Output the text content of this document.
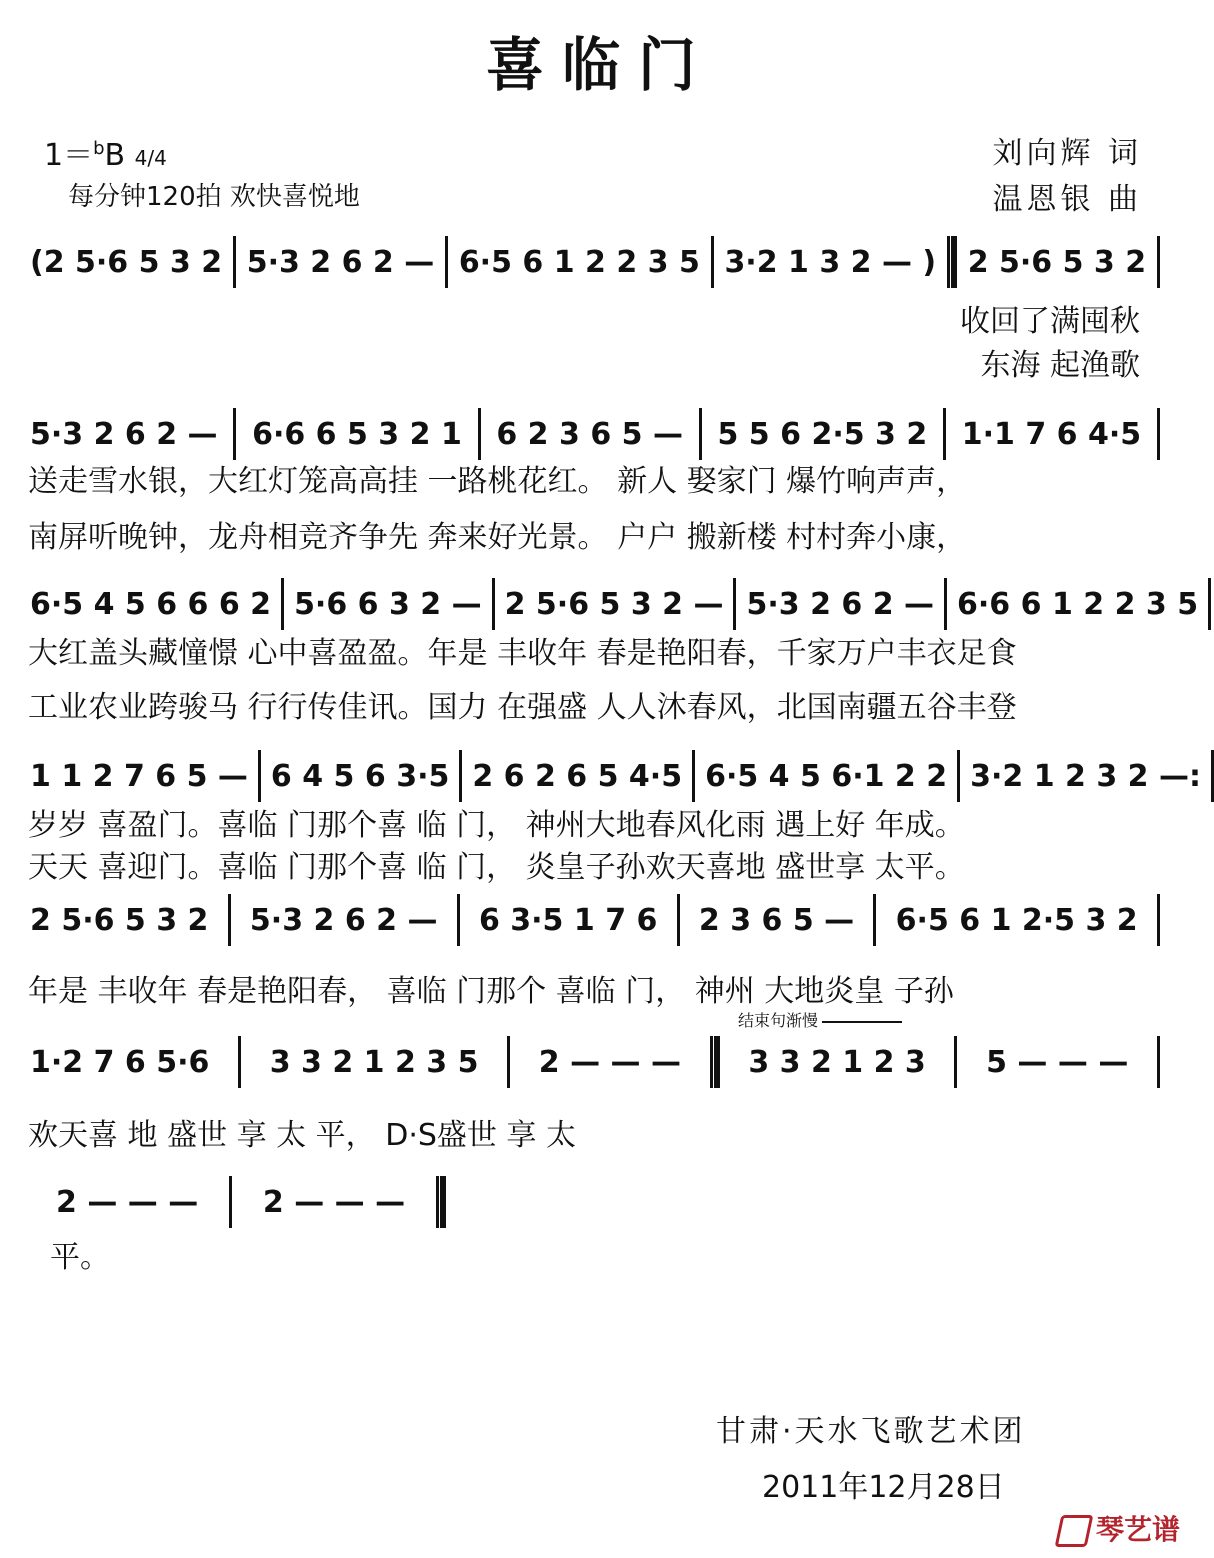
喜临门
1＝$^b$B 4/4
每分钟120拍 欢快喜悦地
刘向辉 词
温恩银 曲
(2 5·6 5 3 2 5·3 2 6 2 — 6·5 6 1 2 2 3 5 3·2 1 3 2 — ) 2 5·6 5 3 2
5·3 2 6 2 — 6·6 6 5 3 2 1 6 2 3 6 5 — 5 5 6 2·5 3 2 1·1 7 6 4·5
6·5 4 5 6 6 6 2 5·6 6 3 2 — 2 5·6 5 3 2 — 5·3 2 6 2 — 6·6 6 1 2 2 3 5
1 1 2 7 6 5 — 6 4 5 6 3·5 2 6 2 6 5 4·5 6·5 4 5 6·1 2 2 3·2 1 2 3 2 —:
2 5·6 5 3 2 5·3 2 6 2 — 6 3·5 1 7 6 2 3 6 5 — 6·5 6 1 2·5 3 2
1·2 7 6 5·6 3 3 2 1 2 3 5 2 — — — 3 3 2 1 2 3 5 — — —
2 — — — 2 — — —
收回了满囤秋
东海 起渔歌
送走雪水银，大红灯笼高高挂 一路桃花红。 新人 娶家门 爆竹响声声，
南屏听晚钟，龙舟相竞齐争先 奔来好光景。 户户 搬新楼 村村奔小康，
大红盖头藏憧憬 心中喜盈盈。年是 丰收年 春是艳阳春，千家万户丰衣足食
工业农业跨骏马 行行传佳讯。国力 在强盛 人人沐春风，北国南疆五谷丰登
岁岁 喜盈门。喜临 门那个喜 临 门， 神州大地春风化雨 遇上好 年成。
天天 喜迎门。喜临 门那个喜 临 门， 炎皇子孙欢天喜地 盛世享 太平。
年是 丰收年 春是艳阳春， 喜临 门那个 喜临 门， 神州 大地炎皇 子孙
欢天喜 地 盛世 享 太 平， D·S盛世 享 太
平。
结束句渐慢
甘肃·天水飞歌艺术团
2011年12月28日
琴艺谱
